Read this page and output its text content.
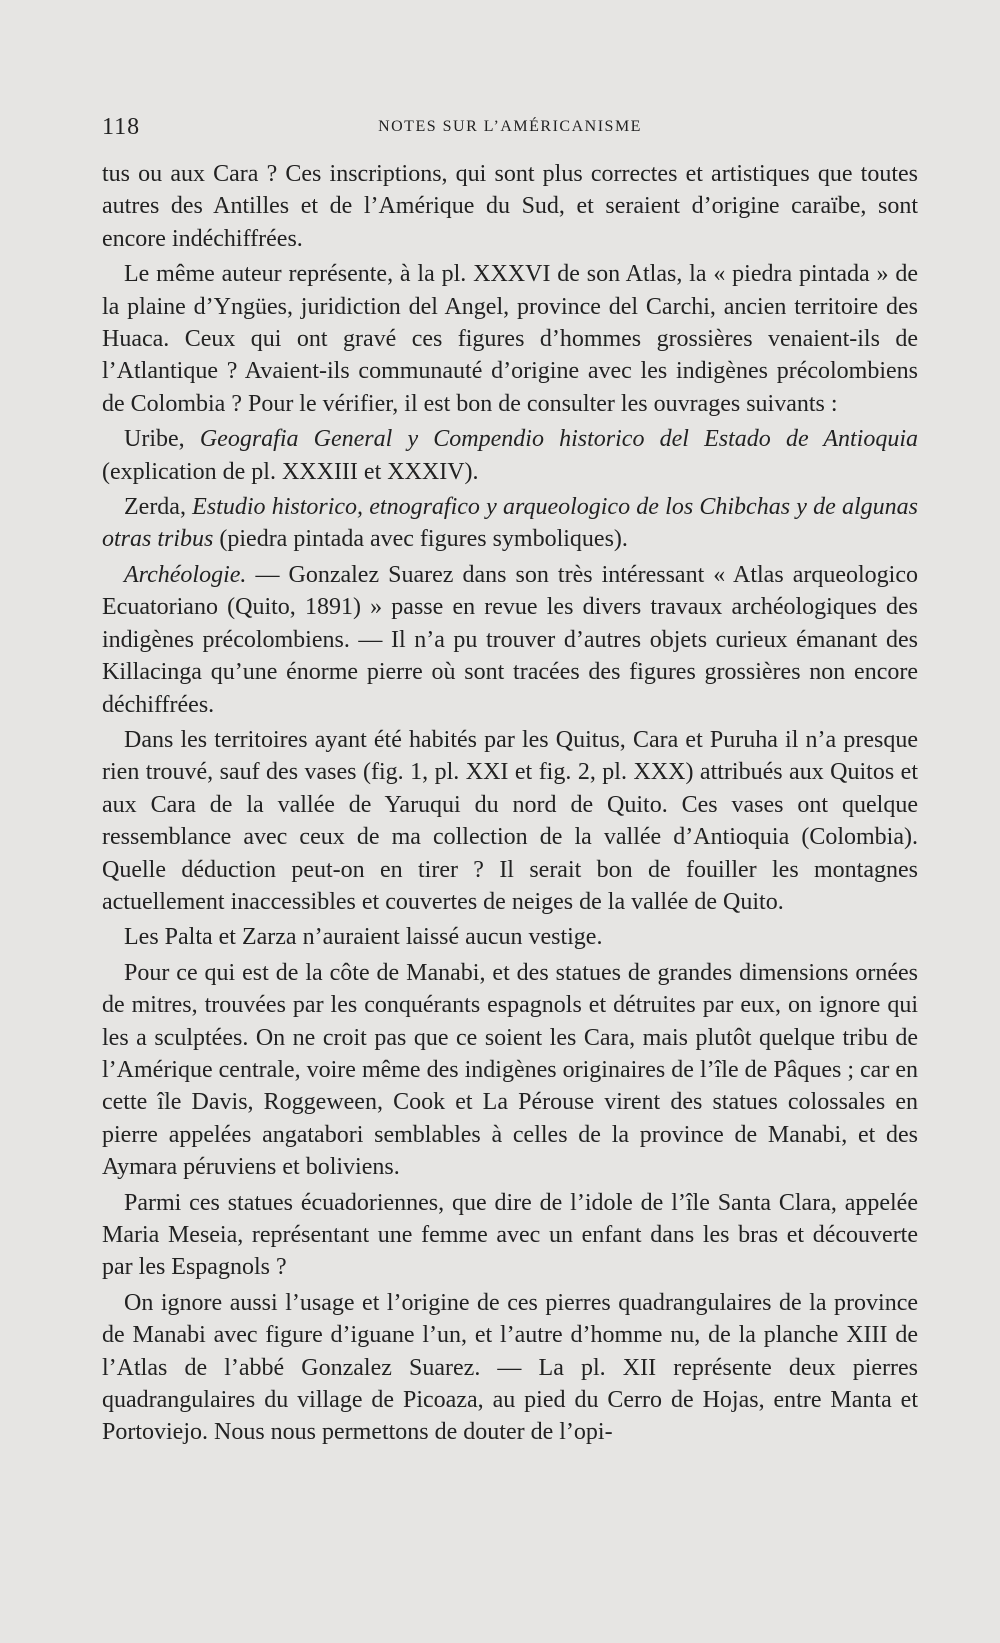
118	NOTES SUR L’AMÉRICANISME

tus ou aux Cara ? Ces inscriptions, qui sont plus correctes et artistiques que toutes autres des Antilles et de l’Amérique du Sud, et seraient d’origine caraïbe, sont encore indéchiffrées.

Le même auteur représente, à la pl. XXXVI de son Atlas, la « piedra pintada » de la plaine d’Yngües, juridiction del Angel, province del Carchi, ancien territoire des Huaca. Ceux qui ont gravé ces figures d’hommes grossières venaient-ils de l’Atlantique ? Avaient-ils communauté d’origine avec les indigènes précolombiens de Colombia ? Pour le vérifier, il est bon de consulter les ouvrages suivants :

Uribe, Geografia General y Compendio historico del Estado de Antioquia (explication de pl. XXXIII et XXXIV).

Zerda, Estudio historico, etnografico y arqueologico de los Chibchas y de algunas otras tribus (piedra pintada avec figures symboliques).

Archéologie. — Gonzalez Suarez dans son très intéressant « Atlas arqueologico Ecuatoriano (Quito, 1891) » passe en revue les divers travaux archéologiques des indigènes précolombiens. — Il n’a pu trouver d’autres objets curieux émanant des Killacinga qu’une énorme pierre où sont tracées des figures grossières non encore déchiffrées.

Dans les territoires ayant été habités par les Quitus, Cara et Puruha il n’a presque rien trouvé, sauf des vases (fig. 1, pl. XXI et fig. 2, pl. XXX) attribués aux Quitos et aux Cara de la vallée de Yaruqui du nord de Quito. Ces vases ont quelque ressemblance avec ceux de ma collection de la vallée d’Antioquia (Colombia). Quelle déduction peut-on en tirer ? Il serait bon de fouiller les montagnes actuellement inaccessibles et couvertes de neiges de la vallée de Quito.

Les Palta et Zarza n’auraient laissé aucun vestige.

Pour ce qui est de la côte de Manabi, et des statues de grandes dimensions ornées de mitres, trouvées par les conquérants espagnols et détruites par eux, on ignore qui les a sculptées. On ne croit pas que ce soient les Cara, mais plutôt quelque tribu de l’Amérique centrale, voire même des indigènes originaires de l’île de Pâques ; car en cette île Davis, Roggeween, Cook et La Pérouse virent des statues colossales en pierre appelées angatabori semblables à celles de la province de Manabi, et des Aymara péruviens et boliviens.

Parmi ces statues écuadoriennes, que dire de l’idole de l’île Santa Clara, appelée Maria Meseia, représentant une femme avec un enfant dans les bras et découverte par les Espagnols ?

On ignore aussi l’usage et l’origine de ces pierres quadrangulaires de la province de Manabi avec figure d’iguane l’un, et l’autre d’homme nu, de la planche XIII de l’Atlas de l’abbé Gonzalez Suarez. — La pl. XII représente deux pierres quadrangulaires du village de Picoaza, au pied du Cerro de Hojas, entre Manta et Portoviejo. Nous nous permettons de douter de l’opi-
